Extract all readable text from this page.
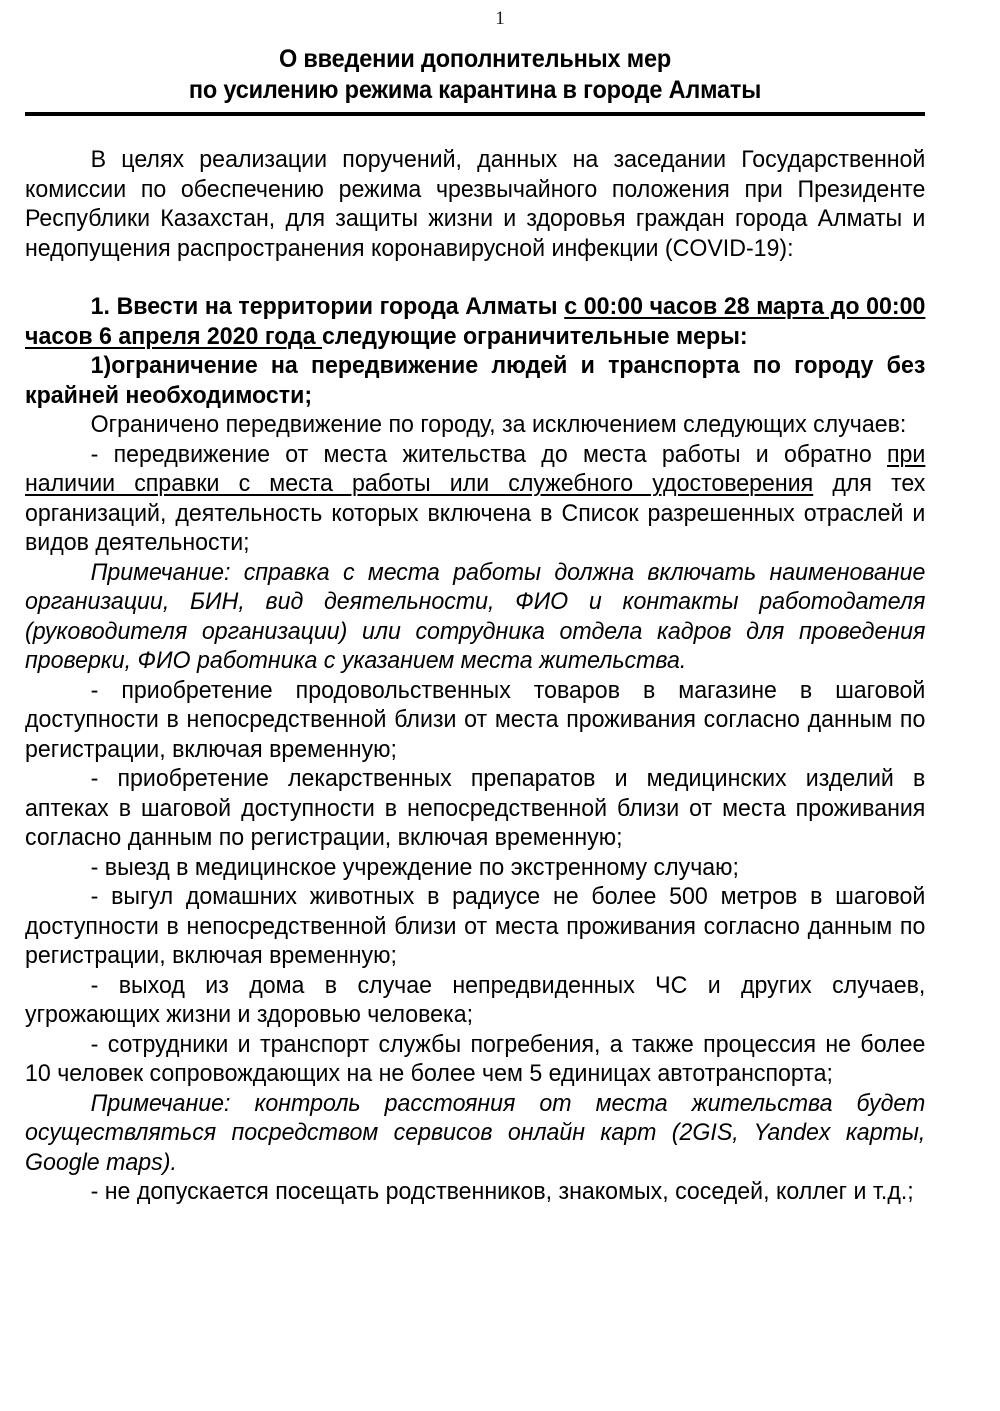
1
О введении дополнительных мер
по усилению режима карантина в городе Алматы

В целях реализации поручений, данных на заседании Государственной комиссии по обеспечению режима чрезвычайного положения при Президенте Республики Казахстан, для защиты жизни и здоровья граждан города Алматы и недопущения распространения коронавирусной инфекции (COVID-19):

1. Ввести на территории города Алматы с 00:00 часов 28 марта до 00:00 часов 6 апреля 2020 года следующие ограничительные меры:

1)ограничение на передвижение людей и транспорта по городу без крайней необходимости;

Ограничено передвижение по городу, за исключением следующих случаев:

- передвижение от места жительства до места работы и обратно при наличии справки с места работы или служебного удостоверения для тех организаций, деятельность которых включена в Список разрешенных отраслей и видов деятельности;

Примечание: справка с места работы должна включать наименование организации, БИН, вид деятельности, ФИО и контакты работодателя (руководителя организации) или сотрудника отдела кадров для проведения проверки, ФИО работника с указанием места жительства.

- приобретение продовольственных товаров в магазине в шаговой доступности в непосредственной близи от места проживания согласно данным по регистрации, включая временную;

- приобретение лекарственных препаратов и медицинских изделий в аптеках в шаговой доступности в непосредственной близи от места проживания согласно данным по регистрации, включая временную;

- выезд в медицинское учреждение по экстренному случаю;

- выгул домашних животных в радиусе не более 500 метров в шаговой доступности в непосредственной близи от места проживания согласно данным по регистрации, включая временную;

- выход из дома в случае непредвиденных ЧС и других случаев, угрожающих жизни и здоровью человека;

- сотрудники и транспорт службы погребения, а также процессия не более 10 человек сопровождающих на не более чем 5 единицах автотранспорта;

Примечание: контроль расстояния от места жительства будет осуществляться посредством сервисов онлайн карт (2GIS, Yandex карты, Google maps).

- не допускается посещать родственников, знакомых, соседей, коллег и т.д.;
